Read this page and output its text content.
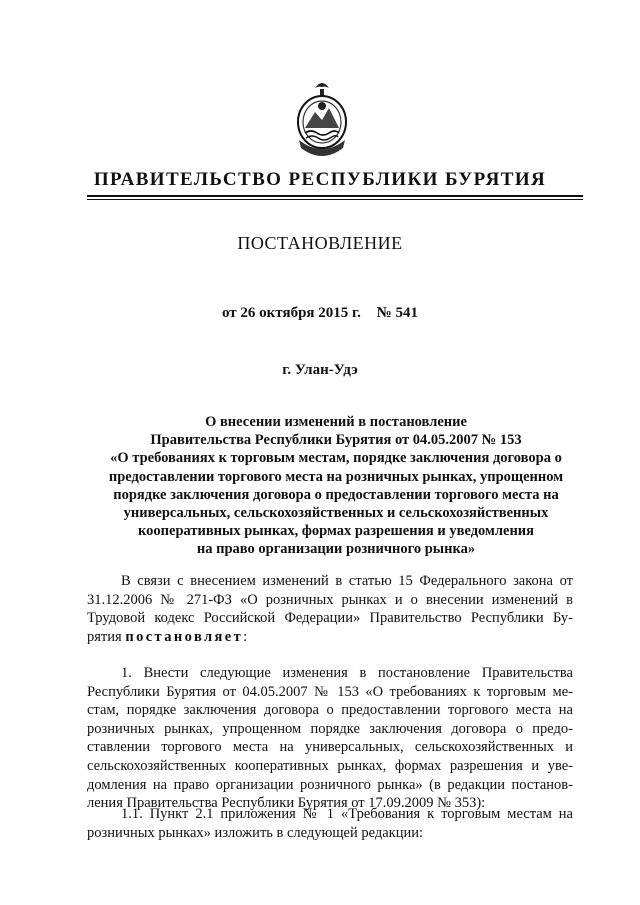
ПРАВИТЕЛЬСТВО РЕСПУБЛИКИ БУРЯТИЯ
ПОСТАНОВЛЕНИЕ
от 26 октября 2015 г. № 541
г. Улан-Удэ
О внесении изменений в постановление
Правительства Республики Бурятия от 04.05.2007 № 153
«О требованиях к торговым местам, порядке заключения договора о
предоставлении торгового места на розничных рынках, упрощенном
порядке заключения договора о предоставлении торгового места на
универсальных, сельскохозяйственных и сельскохозяйственных
кооперативных рынках, формах разрешения и уведомления
на право организации розничного рынка»
В связи с внесением изменений в статью 15 Федерального закона от
31.12.2006 № 271-ФЗ «О розничных рынках и о внесении изменений в
Трудовой кодекс Российской Федерации» Правительство Республики Бу-
рятия постановляет:
1. Внести следующие изменения в постановление Правительства
Республики Бурятия от 04.05.2007 № 153 «О требованиях к торговым ме-
стам, порядке заключения договора о предоставлении торгового места на
розничных рынках, упрощенном порядке заключения договора о предо-
ставлении торгового места на универсальных, сельскохозяйственных и
сельскохозяйственных кооперативных рынках, формах разрешения и уве-
домления на право организации розничного рынка» (в редакции постанов-
ления Правительства Республики Бурятия от 17.09.2009 № 353):
1.1. Пункт 2.1 приложения № 1 «Требования к торговым местам на
розничных рынках» изложить в следующей редакции:
